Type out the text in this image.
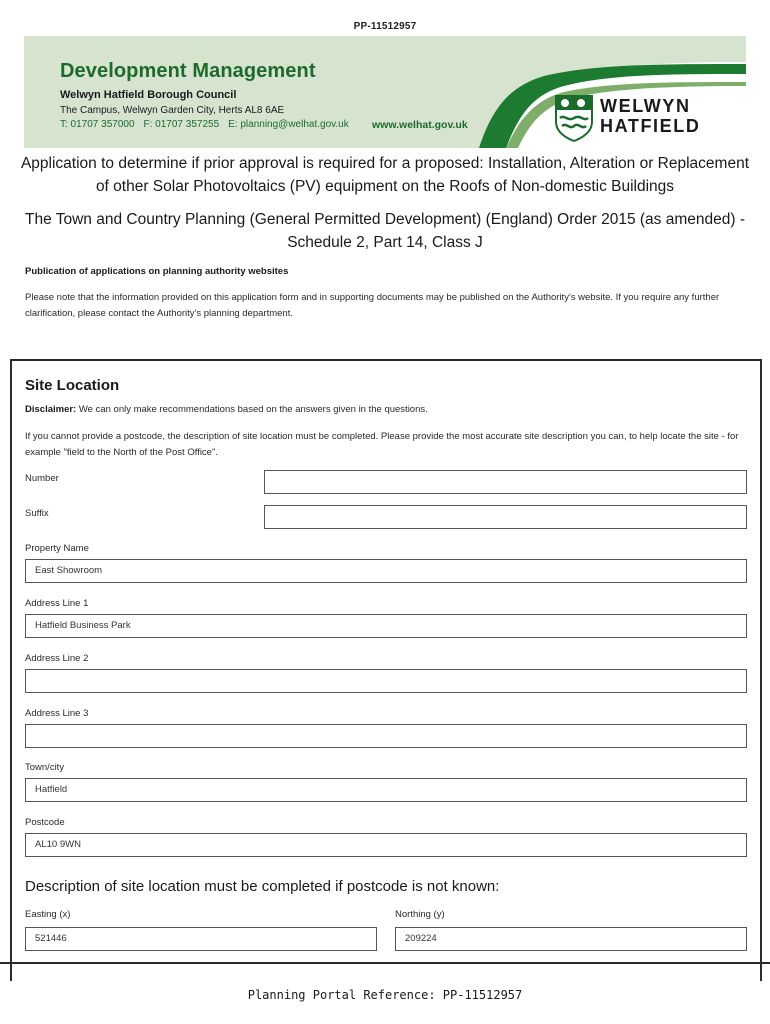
PP-11512957
Development Management
Welwyn Hatfield Borough Council
The Campus, Welwyn Garden City, Herts AL8 6AE
T: 01707 357000 F: 01707 357255 E: planning@welhat.gov.uk www.welhat.gov.uk
WELWYN
HATFIELD
Application to determine if prior approval is required for a proposed: Installation, Alteration or Replacement of other Solar Photovoltaics (PV) equipment on the Roofs of Non-domestic Buildings
The Town and Country Planning (General Permitted Development) (England) Order 2015 (as amended) - Schedule 2, Part 14, Class J
Publication of applications on planning authority websites
Please note that the information provided on this application form and in supporting documents may be published on the Authority's website. If you require any further clarification, please contact the Authority's planning department.
Site Location
Disclaimer: We can only make recommendations based on the answers given in the questions.
If you cannot provide a postcode, the description of site location must be completed. Please provide the most accurate site description you can, to help locate the site - for example "field to the North of the Post Office".
Number
Suffix
Property Name
East Showroom
Address Line 1
Hatfield Business Park
Address Line 2
Address Line 3
Town/city
Hatfield
Postcode
AL10 9WN
Description of site location must be completed if postcode is not known:
Easting (x)
521446
Northing (y)
209224
Planning Portal Reference: PP-11512957
